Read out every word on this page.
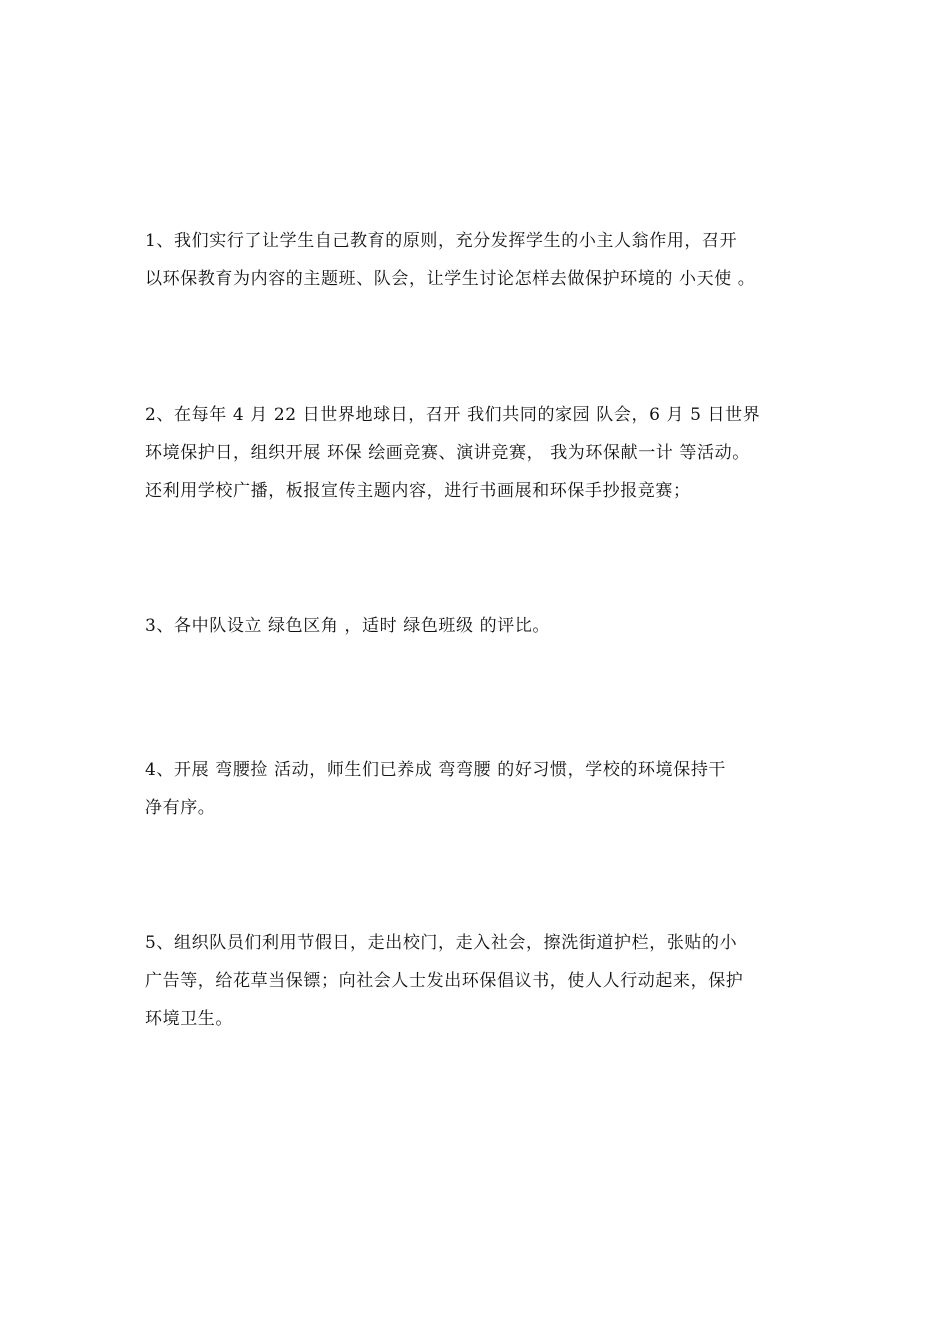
1、我们实行了让学生自己教育的原则，充分发挥学生的小主人翁作用，召开
以环保教育为内容的主题班、队会，让学生讨论怎样去做保护环境的 小天使 。
2、在每年 4 月 22 日世界地球日，召开 我们共同的家园 队会，6 月 5 日世界
环境保护日，组织开展 环保 绘画竞赛、演讲竞赛， 我为环保献一计 等活动。
还利用学校广播，板报宣传主题内容，进行书画展和环保手抄报竞赛；
3、各中队设立 绿色区角 ，适时 绿色班级 的评比。
4、开展 弯腰捡 活动，师生们已养成 弯弯腰 的好习惯，学校的环境保持干
净有序。
5、组织队员们利用节假日，走出校门，走入社会，擦洗街道护栏，张贴的小
广告等，给花草当保镖；向社会人士发出环保倡议书，使人人行动起来，保护
环境卫生。
